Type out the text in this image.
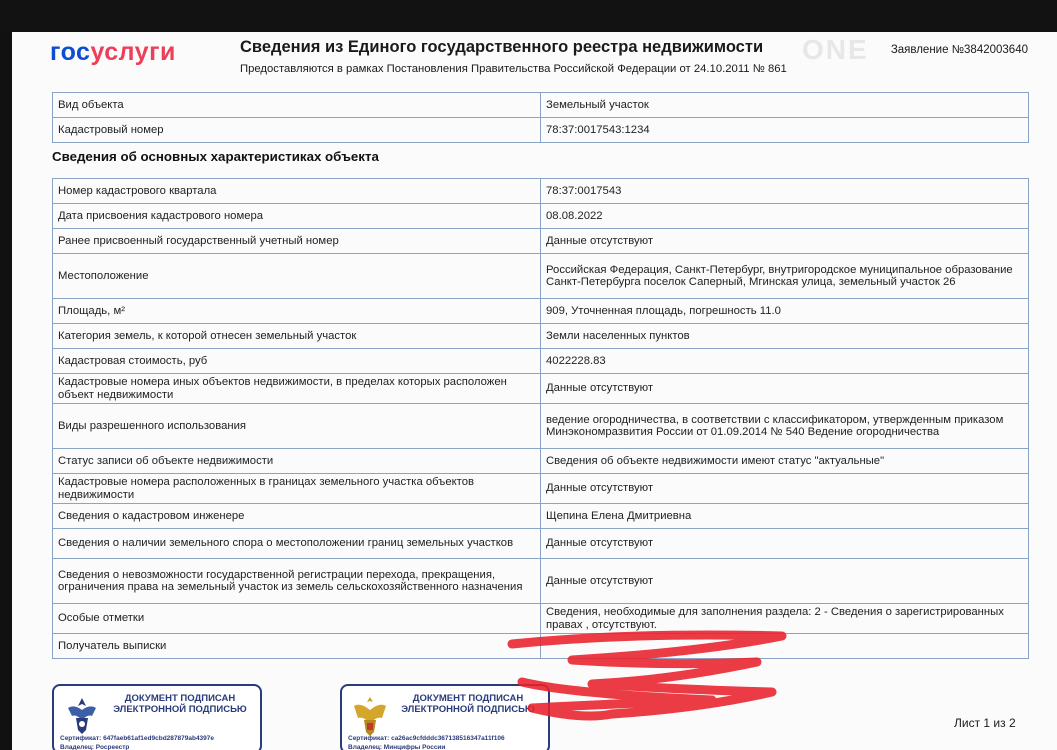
госуслуги	ONE
Сведения из Единого государственного реестра недвижимости
Предоставляются в рамках Постановления Правительства Российской Федерации от 24.10.2011 № 861
Заявление №3842003640
Вид объекта	Земельный участок
Кадастровый номер	78:37:0017543:1234
Сведения об основных характеристиках объекта
Номер кадастрового квартала	78:37:0017543
Дата присвоения кадастрового номера	08.08.2022
Ранее присвоенный государственный учетный номер	Данные отсутствуют
Местоположение	Российская Федерация, Санкт-Петербург, внутригородское муниципальное образование Санкт-Петербурга поселок Саперный, Мгинская улица, земельный участок 26
Площадь, м²	909, Уточненная площадь, погрешность 11.0
Категория земель, к которой отнесен земельный участок	Земли населенных пунктов
Кадастровая стоимость, руб	4022228.83
Кадастровые номера иных объектов недвижимости, в пределах которых расположен объект недвижимости	Данные отсутствуют
Виды разрешенного использования	ведение огородничества, в соответствии с классификатором, утвержденным приказом Минэкономразвития России от 01.09.2014 № 540 Ведение огородничества
Статус записи об объекте недвижимости	Сведения об объекте недвижимости имеют статус "актуальные"
Кадастровые номера расположенных в границах земельного участка объектов недвижимости	Данные отсутствуют
Сведения о кадастровом инженере	Щепина Елена Дмитриевна
Сведения о наличии земельного спора о местоположении границ земельных участков	Данные отсутствуют
Сведения о невозможности государственной регистрации перехода, прекращения, ограничения права на земельный участок из земель сельскохозяйственного назначения	Данные отсутствуют
Особые отметки	Сведения, необходимые для заполнения раздела: 2 - Сведения о зарегистрированных правах , отсутствуют.
Получатель выписки	
ДОКУМЕНТ ПОДПИСАН ЭЛЕКТРОННОЙ ПОДПИСЬЮ
Сертификат: 647faeb61af1ed9cbd287879ab4397e
Владелец: Росреестр
ДОКУМЕНТ ПОДПИСАН ЭЛЕКТРОННОЙ ПОДПИСЬЮ
Сертификат: ca26ac9cfdddc367138516347a11f106
Владелец: Минцифры России
Лист 1 из 2
